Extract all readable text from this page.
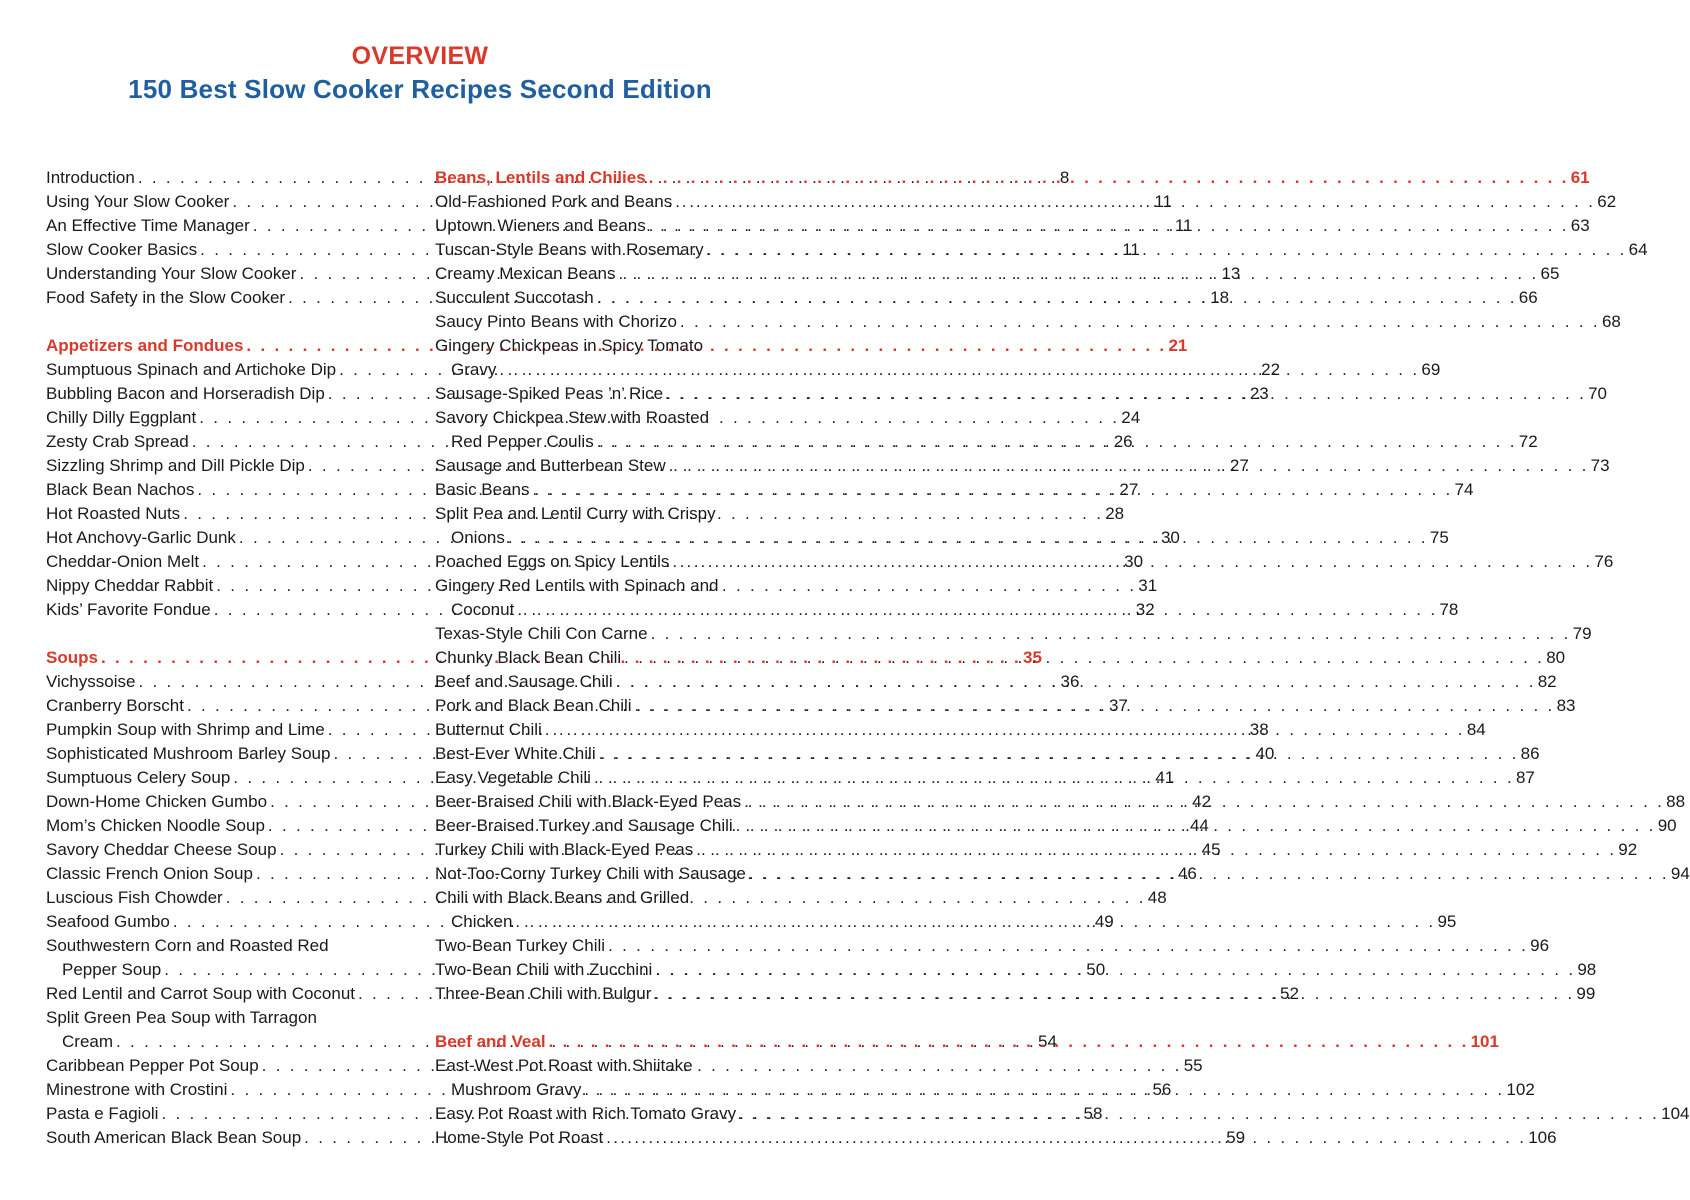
OVERVIEW
150 Best Slow Cooker Recipes Second Edition
Introduction . . .	8
Using Your Slow Cooker . . .	11
An Effective Time Manager . . .	11
Slow Cooker Basics . . .	11
Understanding Your Slow Cooker . . .	13
Food Safety in the Slow Cooker . . .	18
Appetizers and Fondues . . .	21
Sumptuous Spinach and Artichoke Dip . . .	22
Bubbling Bacon and Horseradish Dip . . .	23
Chilly Dilly Eggplant . . .	24
Zesty Crab Spread . . .	26
Sizzling Shrimp and Dill Pickle Dip . . .	27
Black Bean Nachos . . .	27
Hot Roasted Nuts . . .	28
Hot Anchovy-Garlic Dunk . . .	30
Cheddar-Onion Melt . . .	30
Nippy Cheddar Rabbit . . .	31
Kids’ Favorite Fondue . . .	32
Soups . . .	35
Vichyssoise . . .	36
Cranberry Borscht . . .	37
Pumpkin Soup with Shrimp and Lime . . .	38
Sophisticated Mushroom Barley Soup . . .	40
Sumptuous Celery Soup . . .	41
Down-Home Chicken Gumbo . . .	42
Mom’s Chicken Noodle Soup . . .	44
Savory Cheddar Cheese Soup . . .	45
Classic French Onion Soup . . .	46
Luscious Fish Chowder . . .	48
Seafood Gumbo . . .	49
Southwestern Corn and Roasted Red
Pepper Soup . . .	50
Red Lentil and Carrot Soup with Coconut . . .	52
Split Green Pea Soup with Tarragon
Cream . . .	54
Caribbean Pepper Pot Soup . . .	55
Minestrone with Crostini . . .	56
Pasta e Fagioli . . .	58
South American Black Bean Soup . . .	59
Beans, Lentils and Chilies . . .	61
Old-Fashioned Pork and Beans . . .	62
Uptown Wieners and Beans . . .	63
Tuscan-Style Beans with Rosemary . . .	64
Creamy Mexican Beans . . .	65
Succulent Succotash . . .	66
Saucy Pinto Beans with Chorizo . . .	68
Gingery Chickpeas in Spicy Tomato
Gravy . . .	69
Sausage-Spiked Peas ’n’ Rice . . .	70
Savory Chickpea Stew with Roasted
Red Pepper Coulis . . .	72
Sausage and Butterbean Stew . . .	73
Basic Beans . . .	74
Split Pea and Lentil Curry with Crispy
Onions . . .	75
Poached Eggs on Spicy Lentils . . .	76
Gingery Red Lentils with Spinach and
Coconut . . .	78
Texas-Style Chili Con Carne . . .	79
Chunky Black Bean Chili . . .	80
Beef and Sausage Chili . . .	82
Pork and Black Bean Chili . . .	83
Butternut Chili . . .	84
Best-Ever White Chili . . .	86
Easy Vegetable Chili . . .	87
Beer-Braised Chili with Black-Eyed Peas . . .	88
Beer-Braised Turkey and Sausage Chili . . .	90
Turkey Chili with Black-Eyed Peas . . .	92
Not-Too-Corny Turkey Chili with Sausage . . .	94
Chili with Black Beans and Grilled
Chicken . . .	95
Two-Bean Turkey Chili . . .	96
Two-Bean Chili with Zucchini . . .	98
Three-Bean Chili with Bulgur . . .	99
Beef and Veal . . .	101
East-West Pot Roast with Shiitake
Mushroom Gravy . . .	102
Easy Pot Roast with Rich Tomato Gravy . . .	104
Home-Style Pot Roast . . .	106
